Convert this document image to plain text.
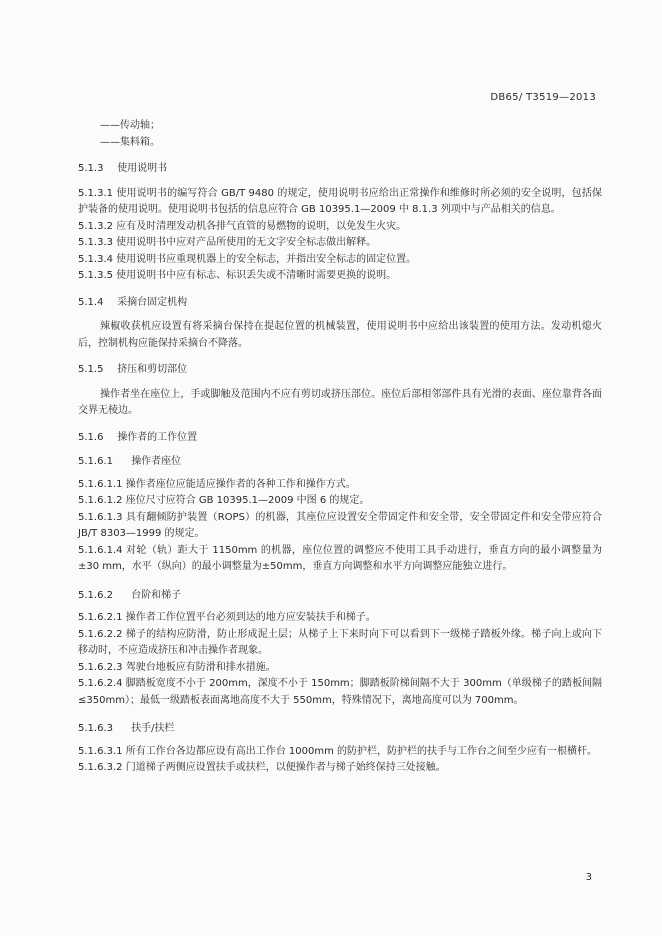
DB65/ T3519—2013
——传动轴；
——集料箱。
5.1.3 使用说明书
5.1.3.1 使用说明书的编写符合 GB/T 9480 的规定，使用说明书应给出正常操作和维修时所必须的安全说明，包括保护装备的使用说明。使用说明书包括的信息应符合 GB 10395.1—2009 中 8.1.3 列项中与产品相关的信息。
5.1.3.2 应有及时清理发动机各排气直管的易燃物的说明，以免发生火灾。
5.1.3.3 使用说明书中应对产品所使用的无文字安全标志做出解释。
5.1.3.4 使用说明书应重现机器上的安全标志，并指出安全标志的固定位置。
5.1.3.5 使用说明书中应有标志、标识丢失或不清晰时需要更换的说明。
5.1.4 采摘台固定机构
辣椒收获机应设置有将采摘台保持在提起位置的机械装置，使用说明书中应给出该装置的使用方法。发动机熄火后，控制机构应能保持采摘台不降落。
5.1.5 挤压和剪切部位
操作者坐在座位上，手或脚触及范围内不应有剪切或挤压部位。座位后部相邻部件具有光滑的表面、座位靠背各面交界无棱边。
5.1.6 操作者的工作位置
5.1.6.1 操作者座位
5.1.6.1.1 操作者座位应能适应操作者的各种工作和操作方式。
5.1.6.1.2 座位尺寸应符合 GB 10395.1—2009 中图 6 的规定。
5.1.6.1.3 具有翻倾防护装置（ROPS）的机器，其座位应设置安全带固定件和安全带，安全带固定件和安全带应符合 JB/T 8303—1999 的规定。
5.1.6.1.4 对轮（轨）距大于 1150mm 的机器，座位位置的调整应不使用工具手动进行，垂直方向的最小调整量为±30 mm，水平（纵向）的最小调整量为±50mm，垂直方向调整和水平方向调整应能独立进行。
5.1.6.2 台阶和梯子
5.1.6.2.1 操作者工作位置平台必须到达的地方应安装扶手和梯子。
5.1.6.2.2 梯子的结构应防滑，防止形成泥土层；从梯子上下来时向下可以看到下一级梯子踏板外缘。梯子向上或向下移动时，不应造成挤压和冲击操作者现象。
5.1.6.2.3 驾驶台地板应有防滑和排水措施。
5.1.6.2.4 脚踏板宽度不小于 200mm，深度不小于 150mm；脚踏板阶梯间隔不大于 300mm（单级梯子的踏板间隔≤350mm）；最低一级踏板表面离地高度不大于 550mm，特殊情况下，离地高度可以为 700mm。
5.1.6.3 扶手/扶栏
5.1.6.3.1 所有工作台各边都应设有高出工作台 1000mm 的防护栏，防护栏的扶手与工作台之间至少应有一根横杆。
5.1.6.3.2 门道梯子两侧应设置扶手或扶栏，以便操作者与梯子始终保持三处接触。
3
